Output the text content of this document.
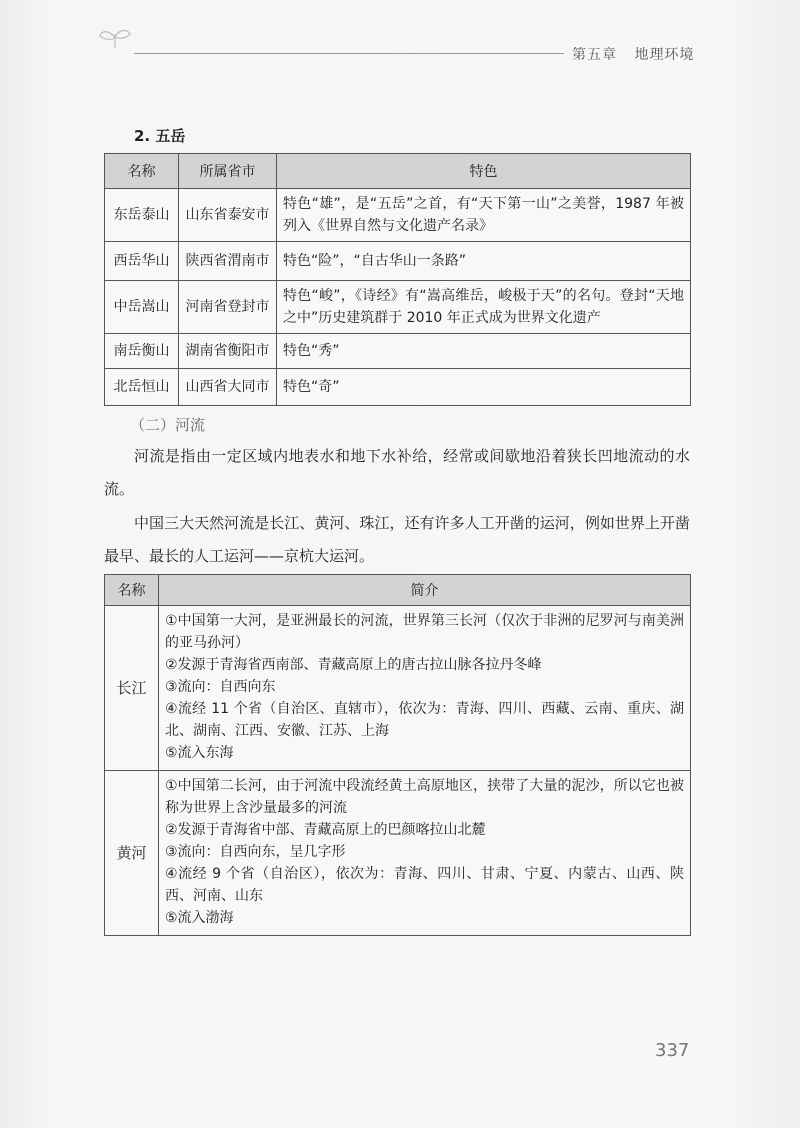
第五章 地理环境
2. 五岳
名称	所属省市	特色
东岳泰山	山东省泰安市	特色“雄”，是“五岳”之首，有“天下第一山”之美誉，1987 年被列入《世界自然与文化遗产名录》
西岳华山	陕西省渭南市	特色“险”，“自古华山一条路”
中岳嵩山	河南省登封市	特色“峻”，《诗经》有“嵩高维岳，峻极于天”的名句。登封“天地之中”历史建筑群于 2010 年正式成为世界文化遗产
南岳衡山	湖南省衡阳市	特色“秀”
北岳恒山	山西省大同市	特色“奇”
（二）河流

河流是指由一定区域内地表水和地下水补给，经常或间歇地沿着狭长凹地流动的水流。

中国三大天然河流是长江、黄河、珠江，还有许多人工开凿的运河，例如世界上开凿最早、最长的人工运河——京杭大运河。

名称	简介
长江	①中国第一大河，是亚洲最长的河流，世界第三长河（仅次于非洲的尼罗河与南美洲的亚马孙河）
②发源于青海省西南部、青藏高原上的唐古拉山脉各拉丹冬峰
③流向：自西向东
④流经 11 个省（自治区、直辖市），依次为：青海、四川、西藏、云南、重庆、湖北、湖南、江西、安徽、江苏、上海
⑤流入东海

黄河	①中国第二长河，由于河流中段流经黄土高原地区，挟带了大量的泥沙，所以它也被称为世界上含沙量最多的河流
②发源于青海省中部、青藏高原上的巴颜喀拉山北麓
③流向：自西向东，呈几字形
④流经 9 个省（自治区），依次为：青海、四川、甘肃、宁夏、内蒙古、山西、陕西、河南、山东
⑤流入渤海
337
